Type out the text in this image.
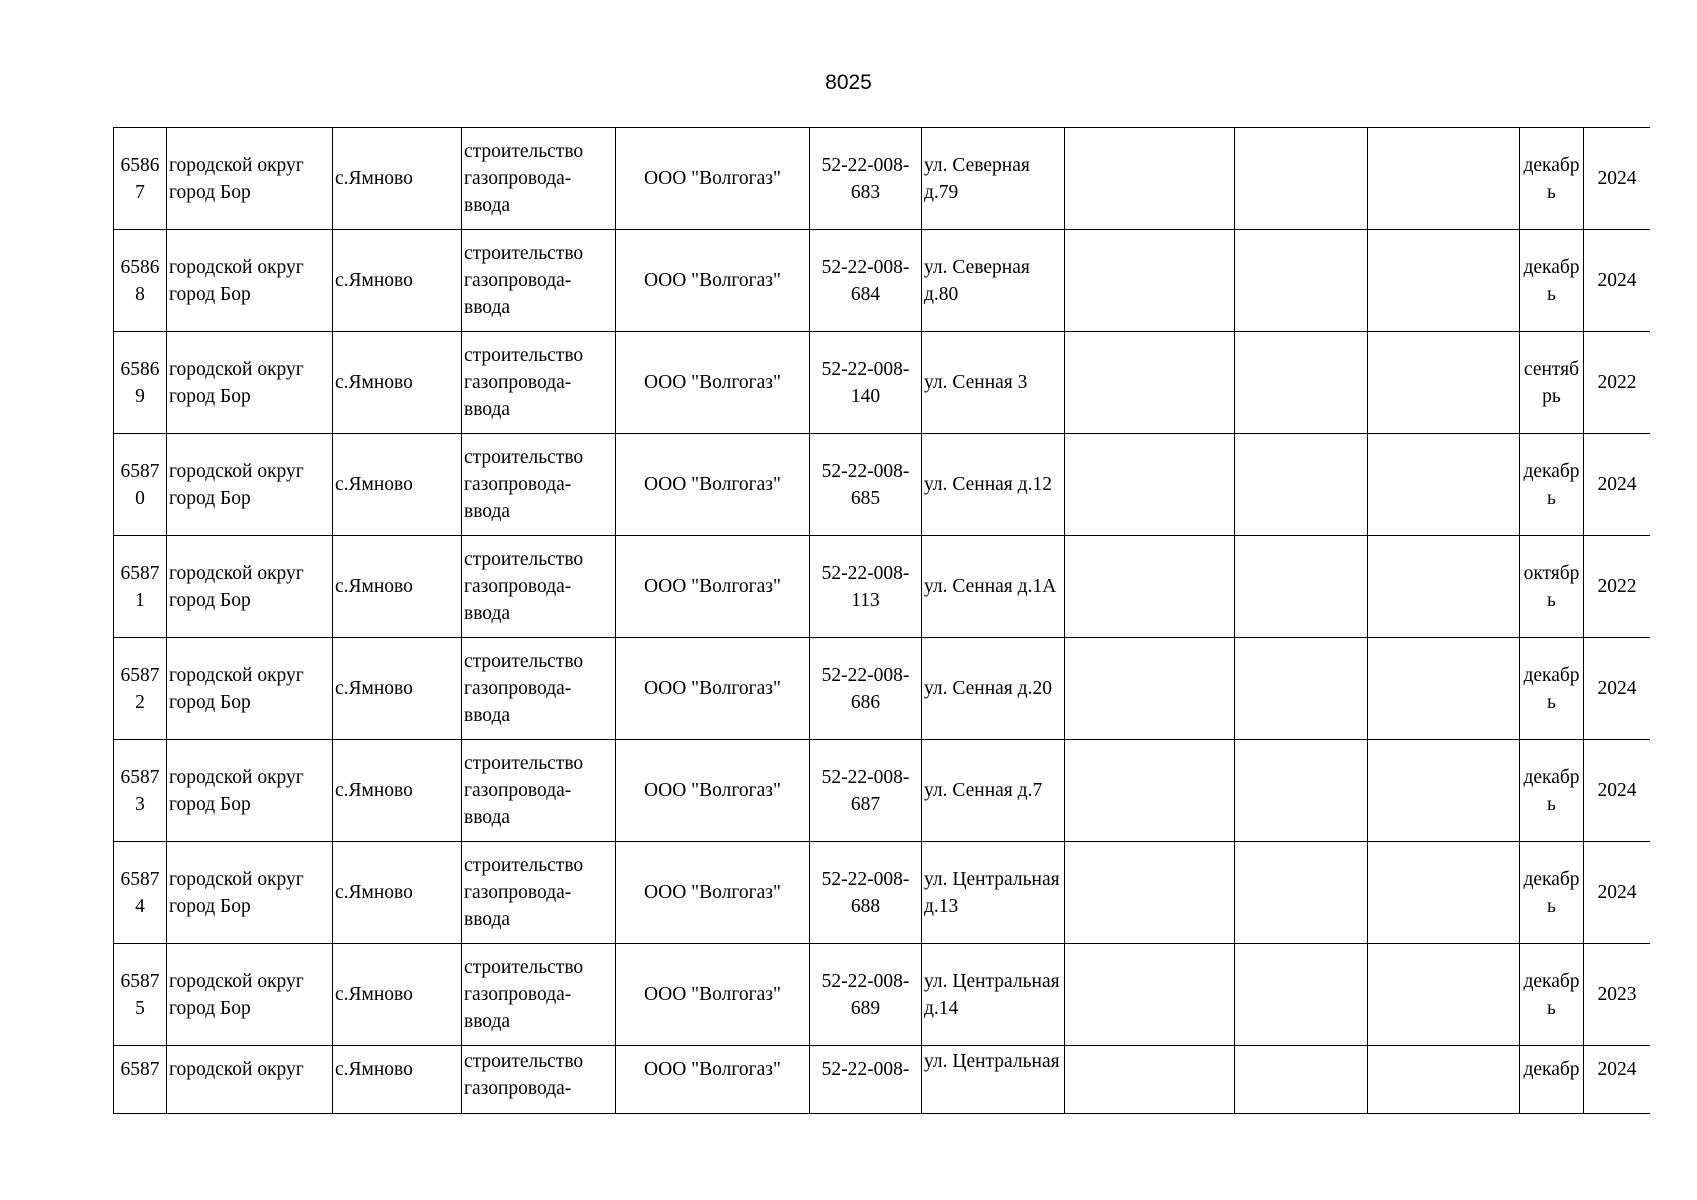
8025
65867	городской округ город Бор	с.Ямново	строительство газопровода-ввода	ООО "Волгогаз"	52-22-008-683	ул. Северная д.79				декабрь	2024
65868	городской округ город Бор	с.Ямново	строительство газопровода-ввода	ООО "Волгогаз"	52-22-008-684	ул. Северная д.80				декабрь	2024
65869	городской округ город Бор	с.Ямново	строительство газопровода-ввода	ООО "Волгогаз"	52-22-008-140	ул. Сенная 3				сентябрь	2022
65870	городской округ город Бор	с.Ямново	строительство газопровода-ввода	ООО "Волгогаз"	52-22-008-685	ул. Сенная д.12				декабрь	2024
65871	городской округ город Бор	с.Ямново	строительство газопровода-ввода	ООО "Волгогаз"	52-22-008-113	ул. Сенная д.1А				октябрь	2022
65872	городской округ город Бор	с.Ямново	строительство газопровода-ввода	ООО "Волгогаз"	52-22-008-686	ул. Сенная д.20				декабрь	2024
65873	городской округ город Бор	с.Ямново	строительство газопровода-ввода	ООО "Волгогаз"	52-22-008-687	ул. Сенная д.7				декабрь	2024
65874	городской округ город Бор	с.Ямново	строительство газопровода-ввода	ООО "Волгогаз"	52-22-008-688	ул. Центральная д.13				декабрь	2024
65875	городской округ город Бор	с.Ямново	строительство газопровода-ввода	ООО "Волгогаз"	52-22-008-689	ул. Центральная д.14				декабрь	2023
6587	городской округ	с.Ямново	строительство газопровода-	ООО "Волгогаз"	52-22-008-	ул. Центральная				декабр	2024
